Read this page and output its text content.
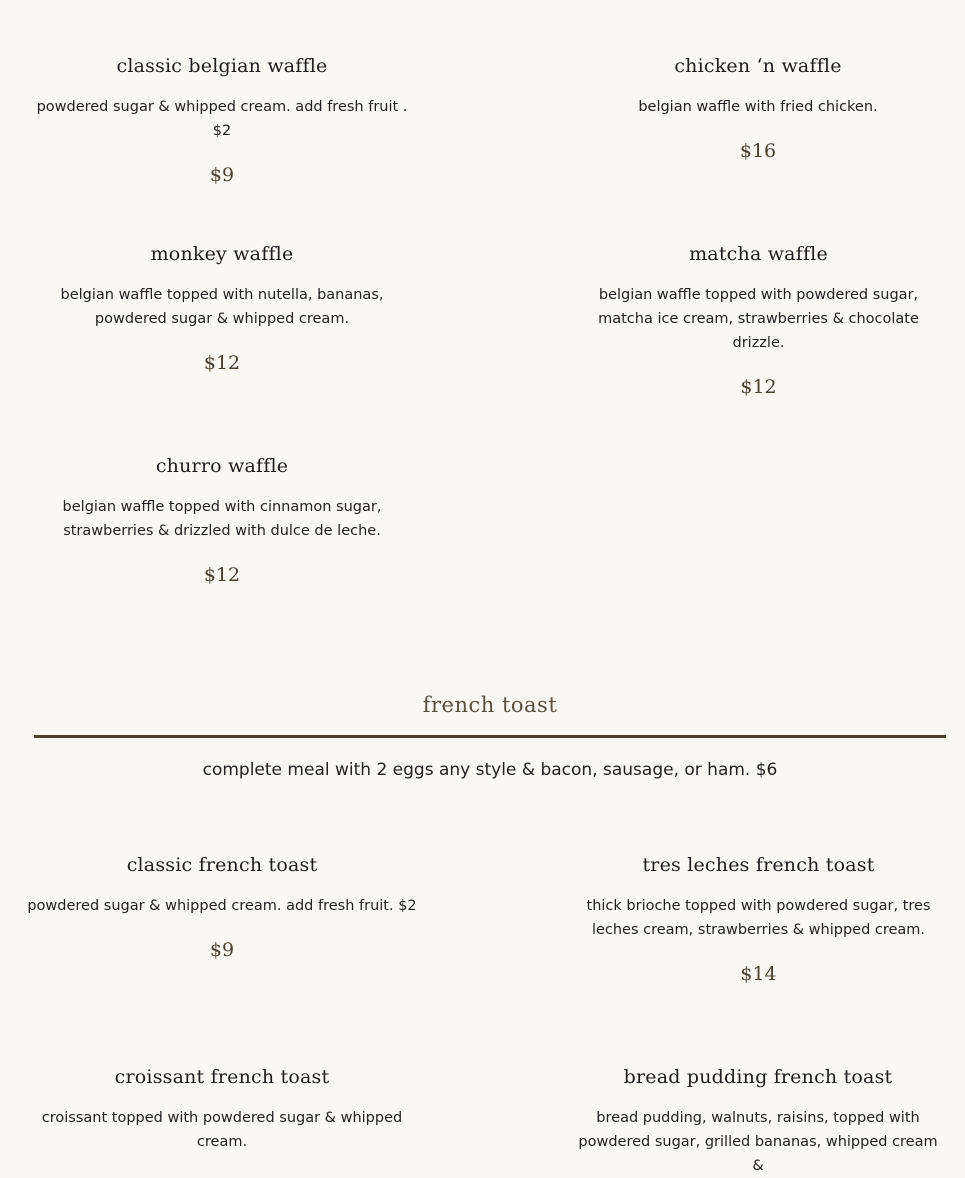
classic belgian waffle
powdered sugar & whipped cream. add fresh fruit . $2
$9
chicken ‘n waffle
belgian waffle with fried chicken.
$16
monkey waffle
belgian waffle topped with nutella, bananas, powdered sugar & whipped cream.
$12
matcha waffle
belgian waffle topped with powdered sugar, matcha ice cream, strawberries & chocolate drizzle.
$12
churro waffle
belgian waffle topped with cinnamon sugar, strawberries & drizzled with dulce de leche.
$12
french toast
complete meal with 2 eggs any style & bacon, sausage, or ham. $6
classic french toast
powdered sugar & whipped cream. add fresh fruit. $2
$9
tres leches french toast
thick brioche topped with powdered sugar, tres leches cream, strawberries & whipped cream.
$14
croissant french toast
croissant topped with powdered sugar & whipped cream.
bread pudding french toast
bread pudding, walnuts, raisins, topped with powdered sugar, grilled bananas, whipped cream &
